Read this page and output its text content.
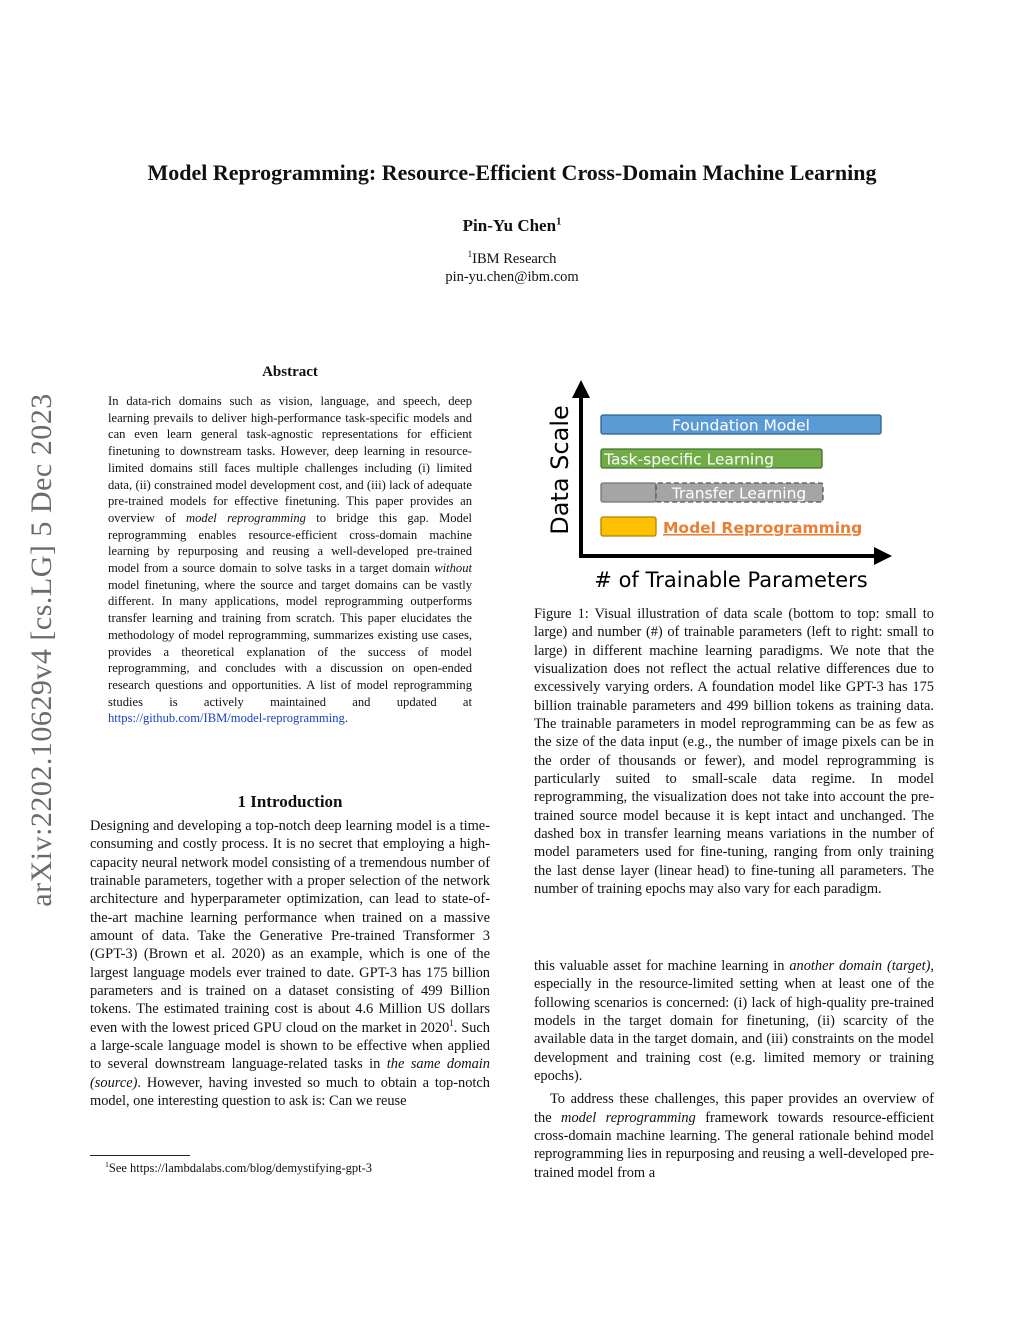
arXiv:2202.10629v4 [cs.LG] 5 Dec 2023
Model Reprogramming: Resource-Efficient Cross-Domain Machine Learning
Pin-Yu Chen$^1$
$^1$IBM Research
pin-yu.chen@ibm.com
Abstract
In data-rich domains such as vision, language, and speech, deep learning prevails to deliver high-performance task-specific models and can even learn general task-agnostic representations for efficient finetuning to downstream tasks. However, deep learning in resource-limited domains still faces multiple challenges including (i) limited data, (ii) constrained model development cost, and (iii) lack of adequate pre-trained models for effective finetuning. This paper provides an overview of model reprogramming to bridge this gap. Model reprogramming enables resource-efficient cross-domain machine learning by repurposing and reusing a well-developed pre-trained model from a source domain to solve tasks in a target domain without model finetuning, where the source and target domains can be vastly different. In many applications, model reprogramming outperforms transfer learning and training from scratch. This paper elucidates the methodology of model reprogramming, summarizes existing use cases, provides a theoretical explanation of the success of model reprogramming, and concludes with a discussion on open-ended research questions and opportunities. A list of model reprogramming studies is actively maintained and updated at https://github.com/IBM/model-reprogramming.
1 Introduction
Designing and developing a top-notch deep learning model is a time-consuming and costly process. It is no secret that employing a high-capacity neural network model consisting of a tremendous number of trainable parameters, together with a proper selection of the network architecture and hyperparameter optimization, can lead to state-of-the-art machine learning performance when trained on a massive amount of data. Take the Generative Pre-trained Transformer 3 (GPT-3) (Brown et al. 2020) as an example, which is one of the largest language models ever trained to date. GPT-3 has 175 billion parameters and is trained on a dataset consisting of 499 Billion tokens. The estimated training cost is about 4.6 Million US dollars even with the lowest priced GPU cloud on the market in 2020$^1$. Such a large-scale language model is shown to be effective when applied to several downstream language-related tasks in the same domain (source). However, having invested so much to obtain a top-notch model, one interesting question to ask is: Can we reuse
$^1$See https://lambdalabs.com/blog/demystifying-gpt-3
Data Scale
# of Trainable Parameters
Foundation Model
Task-specific Learning
Transfer Learning
Model Reprogramming
Figure 1: Visual illustration of data scale (bottom to top: small to large) and number (#) of trainable parameters (left to right: small to large) in different machine learning paradigms. We note that the visualization does not reflect the actual relative differences due to excessively varying orders. A foundation model like GPT-3 has 175 billion trainable parameters and 499 billion tokens as training data. The trainable parameters in model reprogramming can be as few as the size of the data input (e.g., the number of image pixels can be in the order of thousands or fewer), and model reprogramming is particularly suited to small-scale data regime. In model reprogramming, the visualization does not take into account the pre-trained source model because it is kept intact and unchanged. The dashed box in transfer learning means variations in the number of model parameters used for fine-tuning, ranging from only training the last dense layer (linear head) to fine-tuning all parameters. The number of training epochs may also vary for each paradigm.

this valuable asset for machine learning in another domain (target), especially in the resource-limited setting when at least one of the following scenarios is concerned: (i) lack of high-quality pre-trained models in the target domain for finetuning, (ii) scarcity of the available data in the target domain, and (iii) constraints on the model development and training cost (e.g. limited memory or training epochs).

To address these challenges, this paper provides an overview of the model reprogramming framework towards resource-efficient cross-domain machine learning. The general rationale behind model reprogramming lies in repurposing and reusing a well-developed pre-trained model from a
